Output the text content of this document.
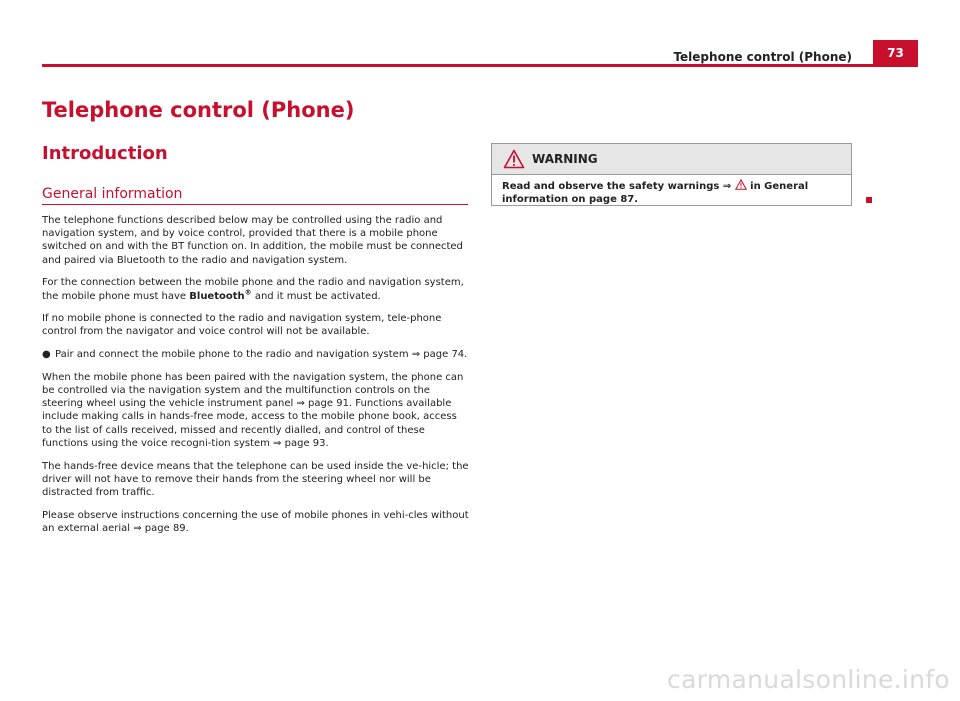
Telephone control (Phone)	73
Telephone control (Phone)
Introduction
General information

The telephone functions described below may be controlled using the radio and navigation system, and by voice control, provided that there is a mobile phone switched on and with the BT function on. In addition, the mobile must be connected and paired via Bluetooth to the radio and navigation system.

For the connection between the mobile phone and the radio and navigation system, the mobile phone must have Bluetooth® and it must be activated.

If no mobile phone is connected to the radio and navigation system, tele-phone control from the navigator and voice control will not be available.

● Pair and connect the mobile phone to the radio and navigation system ⇒ page 74.

When the mobile phone has been paired with the navigation system, the phone can be controlled via the navigation system and the multifunction controls on the steering wheel using the vehicle instrument panel ⇒ page 91. Functions available include making calls in hands-free mode, access to the mobile phone book, access to the list of calls received, missed and recently dialled, and control of these functions using the voice recogni-tion system ⇒ page 93.

The hands-free device means that the telephone can be used inside the ve-hicle; the driver will not have to remove their hands from the steering wheel nor will be distracted from traffic.

Please observe instructions concerning the use of mobile phones in vehi-cles without an external aerial ⇒ page 89.

WARNING
Read and observe the safety warnings ⇒  in General information on page 87.
carmanualsonline.info
